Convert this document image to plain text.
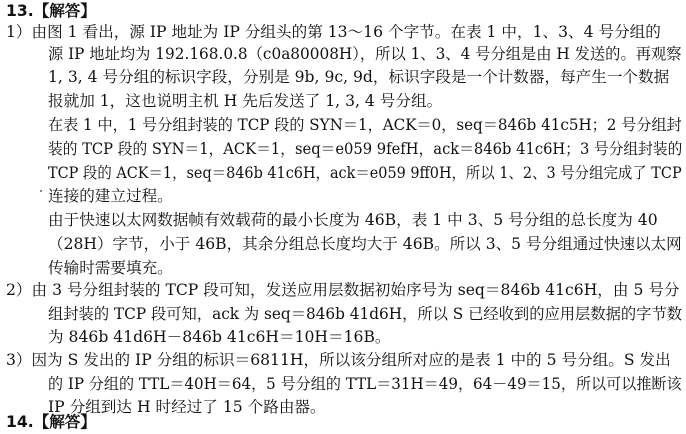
13.【解答】
1）由图 1 看出，源 IP 地址为 IP 分组头的第 13～16 个字节。在表 1 中，1、3、4 号分组的
源 IP 地址均为 192.168.0.8（c0a80008H），所以 1、3、4 号分组是由 H 发送的。再观察
1, 3, 4 号分组的标识字段，分别是 9b, 9c, 9d，标识字段是一个计数器，每产生一个数据
报就加 1，这也说明主机 H 先后发送了 1, 3, 4 号分组。
在表 1 中，1 号分组封装的 TCP 段的 SYN＝1，ACK＝0，seq＝846b 41c5H；2 号分组封
装的 TCP 段的 SYN＝1，ACK＝1，seq＝e059 9fefH，ack＝846b 41c6H；3 号分组封装的
TCP 段的 ACK＝1，seq＝846b 41c6H，ack＝e059 9ff0H，所以 1、2、3 号分组完成了 TCP
连接的建立过程。
由于快速以太网数据帧有效载荷的最小长度为 46B，表 1 中 3、5 号分组的总长度为 40
（28H）字节，小于 46B，其余分组总长度均大于 46B。所以 3、5 号分组通过快速以太网
传输时需要填充。
2）由 3 号分组封装的 TCP 段可知，发送应用层数据初始序号为 seq＝846b 41c6H，由 5 号分
组封装的 TCP 段可知，ack 为 seq＝846b 41d6H，所以 S 已经收到的应用层数据的字节数
为 846b 41d6H－846b 41c6H＝10H＝16B。
3）因为 S 发出的 IP 分组的标识＝6811H，所以该分组所对应的是表 1 中的 5 号分组。S 发出
的 IP 分组的 TTL＝40H＝64，5 号分组的 TTL＝31H＝49，64－49＝15，所以可以推断该
IP 分组到达 H 时经过了 15 个路由器。
14.【解答】
